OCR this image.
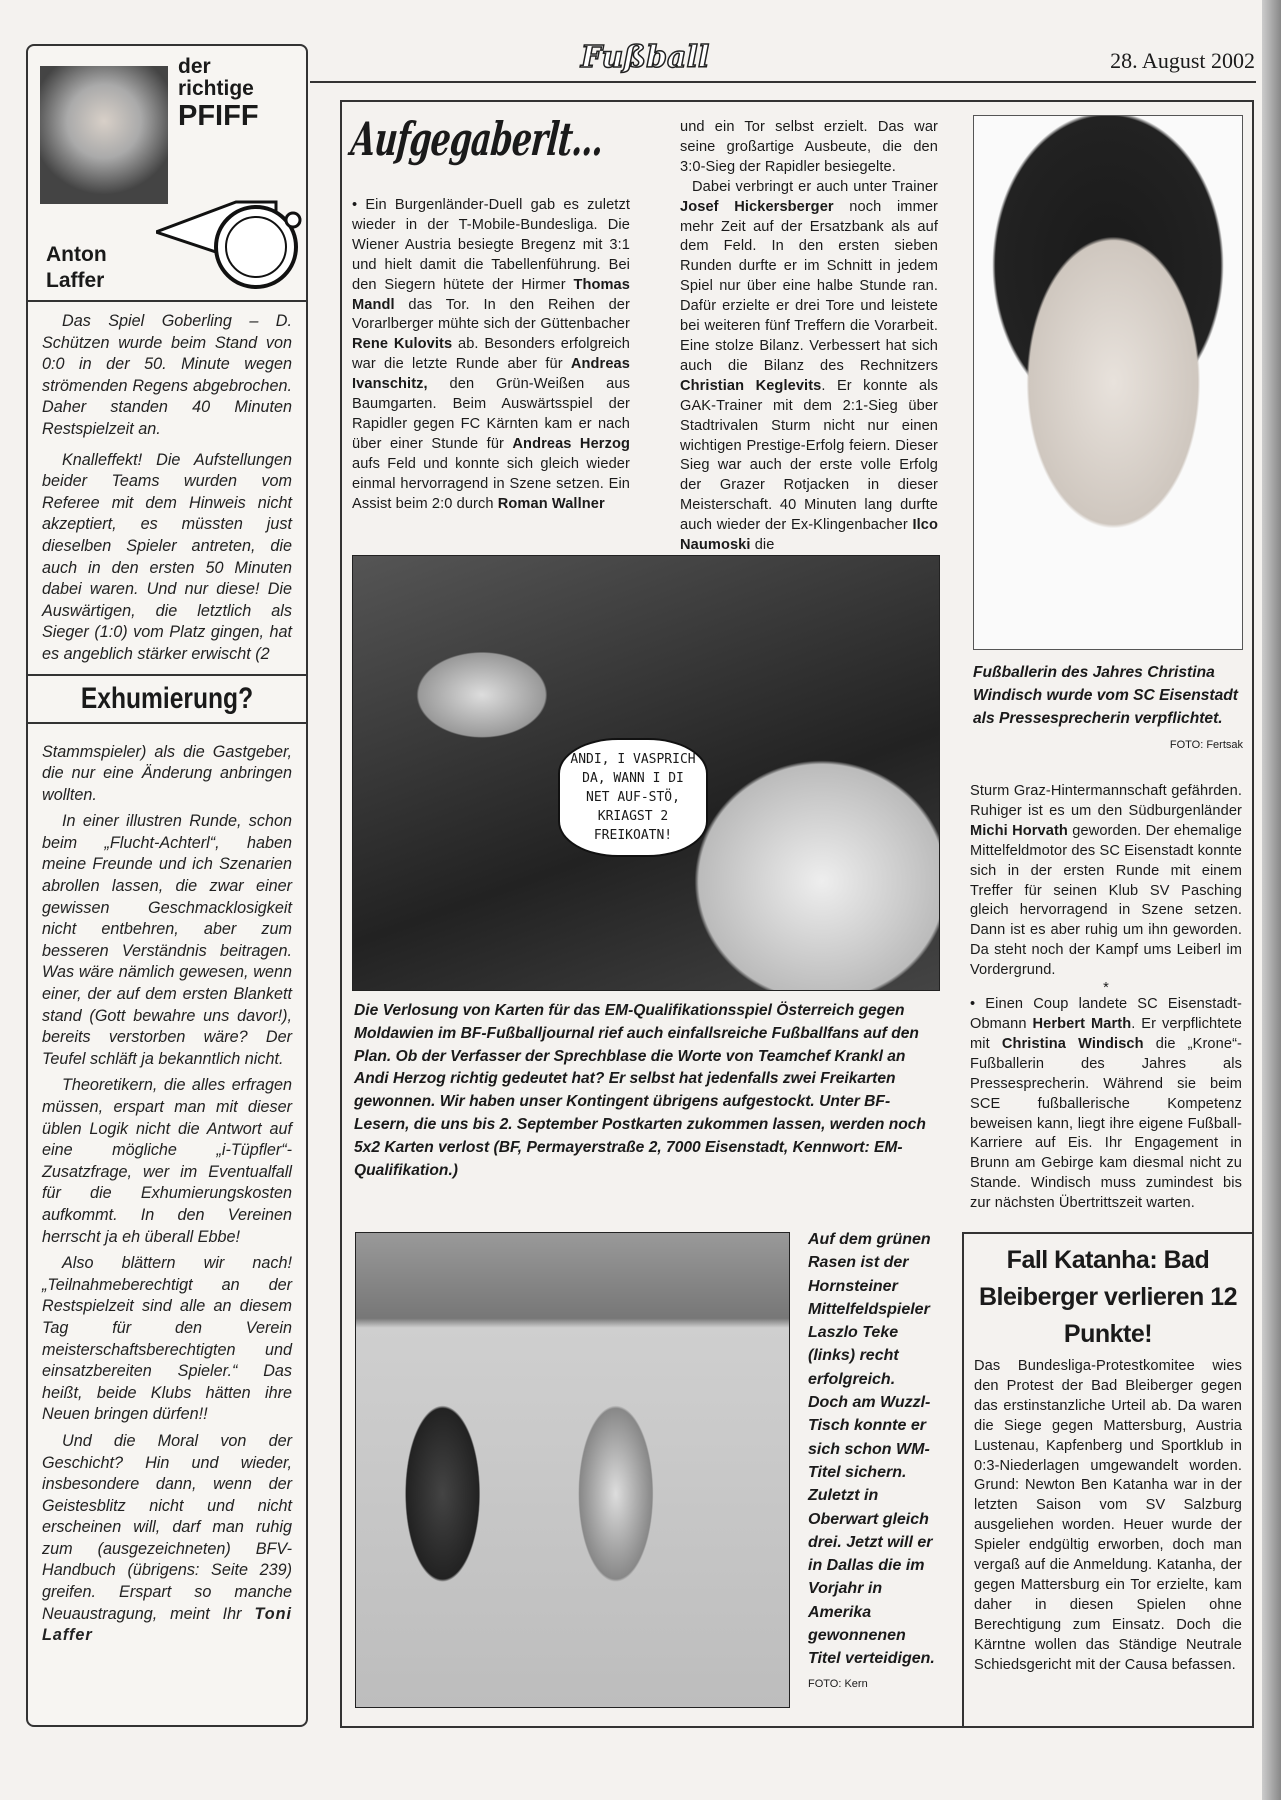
Fußball	28. August 2002
der
richtige
PFIFF
Anton
Laffer

Das Spiel Goberling – D. Schützen wurde beim Stand von 0:0 in der 50. Minute wegen strömenden Regens abgebrochen. Daher standen 40 Minuten Restspielzeit an.

Knalleffekt! Die Aufstellungen beider Teams wurden vom Referee mit dem Hinweis nicht akzeptiert, es müssten just dieselben Spieler antreten, die auch in den ersten 50 Minuten dabei waren. Und nur diese! Die Auswärtigen, die letztlich als Sieger (1:0) vom Platz gingen, hat es angeblich stärker erwischt (2

Exhumierung?

Stammspieler) als die Gastgeber, die nur eine Änderung anbringen wollten.

In einer illustren Runde, schon beim „Flucht-Achterl“, haben meine Freunde und ich Szenarien abrollen lassen, die zwar einer gewissen Geschmacklosigkeit nicht entbehren, aber zum besseren Verständnis beitragen. Was wäre nämlich gewesen, wenn einer, der auf dem ersten Blankett stand (Gott bewahre uns davor!), bereits verstorben wäre? Der Teufel schläft ja bekanntlich nicht.

Theoretikern, die alles erfragen müssen, erspart man mit dieser üblen Logik nicht die Antwort auf eine mögliche „i-Tüpfler“-Zusatzfrage, wer im Eventualfall für die Exhumierungskosten aufkommt. In den Vereinen herrscht ja eh überall Ebbe!

Also blättern wir nach! „Teilnahmeberechtigt an der Restspielzeit sind alle an diesem Tag für den Verein meisterschaftsberechtigten und einsatzbereiten Spieler.“ Das heißt, beide Klubs hätten ihre Neuen bringen dürfen!!

Und die Moral von der Geschicht? Hin und wieder, insbesondere dann, wenn der Geistesblitz nicht und nicht erscheinen will, darf man ruhig zum (ausgezeichneten) BFV-Handbuch (übrigens: Seite 239) greifen. Erspart so manche Neuaustragung, meint Ihr Toni Laffer

Aufgegaberlt...

• Ein Burgenländer-Duell gab es zuletzt wieder in der T-Mobile-Bundesliga. Die Wiener Austria besiegte Bregenz mit 3:1 und hielt damit die Tabellenführung. Bei den Siegern hütete der Hirmer Thomas Mandl das Tor. In den Reihen der Vorarlberger mühte sich der Güttenbacher Rene Kulovits ab. Besonders erfolgreich war die letzte Runde aber für Andreas Ivanschitz, den Grün-Weißen aus Baumgarten. Beim Auswärtsspiel der Rapidler gegen FC Kärnten kam er nach über einer Stunde für Andreas Herzog aufs Feld und konnte sich gleich wieder einmal hervorragend in Szene setzen. Ein Assist beim 2:0 durch Roman Wallner

und ein Tor selbst erzielt. Das war seine großartige Ausbeute, die den 3:0-Sieg der Rapidler besiegelte.

Dabei verbringt er auch unter Trainer Josef Hickersberger noch immer mehr Zeit auf der Ersatzbank als auf dem Feld. In den ersten sieben Runden durfte er im Schnitt in jedem Spiel nur über eine halbe Stunde ran. Dafür erzielte er drei Tore und leistete bei weiteren fünf Treffern die Vorarbeit. Eine stolze Bilanz. Verbessert hat sich auch die Bilanz des Rechnitzers Christian Keglevits. Er konnte als GAK-Trainer mit dem 2:1-Sieg über Stadtrivalen Sturm nicht nur einen wichtigen Prestige-Erfolg feiern. Dieser Sieg war auch der erste volle Erfolg der Grazer Rotjacken in dieser Meisterschaft. 40 Minuten lang durfte auch wieder der Ex-Klingenbacher Ilco Naumoski die

Fußballerin des Jahres Christina Windisch wurde vom SC Eisenstadt als Pressesprecherin verpflichtet.
FOTO: Fertsak

Sturm Graz-Hintermannschaft gefährden. Ruhiger ist es um den Südburgenländer Michi Horvath geworden. Der ehemalige Mittelfeldmotor des SC Eisenstadt konnte sich in der ersten Runde mit einem Treffer für seinen Klub SV Pasching gleich hervorragend in Szene setzen. Dann ist es aber ruhig um ihn geworden. Da steht noch der Kampf ums Leiberl im Vordergrund.

*

• Einen Coup landete SC Eisenstadt-Obmann Herbert Marth. Er verpflichtete mit Christina Windisch die „Krone“-Fußballerin des Jahres als Pressesprecherin. Während sie beim SCE fußballerische Kompetenz beweisen kann, liegt ihre eigene Fußball-Karriere auf Eis. Ihr Engagement in Brunn am Gebirge kam diesmal nicht zu Stande. Windisch muss zumindest bis zur nächsten Übertrittszeit warten.

ANDI, I VASPRICH DA, WANN I DI NET AUF-STÖ, KRIAGST 2 FREIKOATN!
Die Verlosung von Karten für das EM-Qualifikationsspiel Österreich gegen Moldawien im BF-Fußballjournal rief auch einfallsreiche Fußballfans auf den Plan. Ob der Verfasser der Sprechblase die Worte von Teamchef Krankl an Andi Herzog richtig gedeutet hat? Er selbst hat jedenfalls zwei Freikarten gewonnen. Wir haben unser Kontingent übrigens aufgestockt. Unter BF-Lesern, die uns bis 2. September Postkarten zukommen lassen, werden noch 5x2 Karten verlost (BF, Permayerstraße 2, 7000 Eisenstadt, Kennwort: EM-Qualifikation.)
Auf dem grünen Rasen ist der Hornsteiner Mittelfeldspieler Laszlo Teke (links) recht erfolgreich. Doch am Wuzzl-Tisch konnte er sich schon WM-Titel sichern. Zuletzt in Oberwart gleich drei. Jetzt will er in Dallas die im Vorjahr in Amerika gewonnenen Titel verteidigen. FOTO: Kern
Fall Katanha: Bad Bleiberger verlieren 12 Punkte!

Das Bundesliga-Protestkomitee wies den Protest der Bad Bleiberger gegen das erstinstanzliche Urteil ab. Da waren die Siege gegen Mattersburg, Austria Lustenau, Kapfenberg und Sportklub in 0:3-Niederlagen umgewandelt worden. Grund: Newton Ben Katanha war in der letzten Saison vom SV Salzburg ausgeliehen worden. Heuer wurde der Spieler endgültig erworben, doch man vergaß auf die Anmeldung. Katanha, der gegen Mattersburg ein Tor erzielte, kam daher in diesen Spielen ohne Berechtigung zum Einsatz. Doch die Kärntne wollen das Ständige Neutrale Schiedsgericht mit der Causa befassen.
